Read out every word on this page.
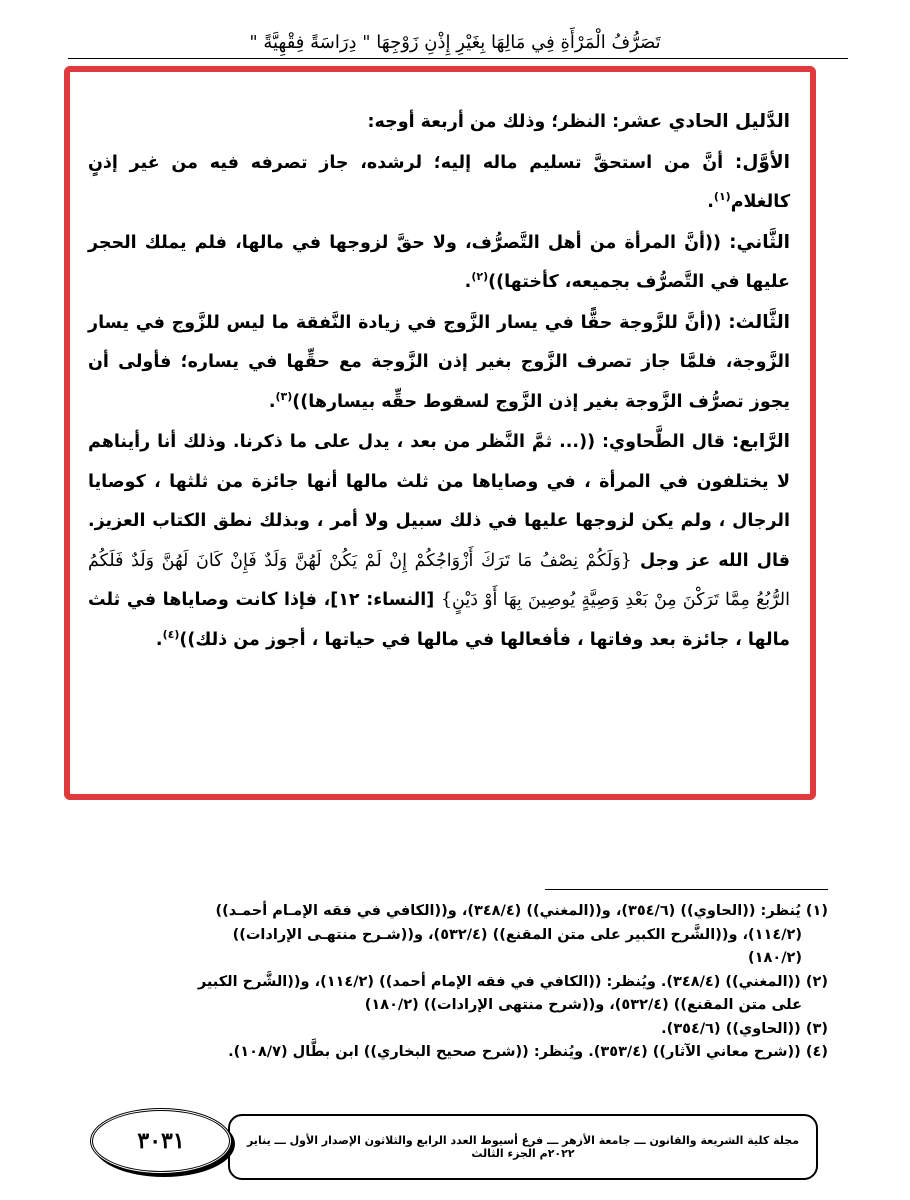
تَصَرُّفُ الْمَرْأَةِ فِي مَالِهَا بِغَيْرِ إِذْنِ زَوْجِهَا " دِرَاسَةً فِقْهِيَّةً "

الدَّليل الحادي عشر: النظر؛ وذلك من أربعة أوجه:

الأوَّل: أنَّ من استحقَّ تسليم ماله إليه؛ لرشده، جاز تصرفه فيه من غير إذنٍ كالغلام$^{(١)}$.

الثَّاني: ((أنَّ المرأة من أهل التَّصرُّف، ولا حقَّ لزوجها في مالها، فلم يملك الحجر عليها في التَّصرُّف بجميعه، كأختها))$^{(٢)}$.

الثَّالث: ((أنَّ للزَّوجة حقًّا في يسار الزَّوج في زيادة النَّفقة ما ليس للزَّوج في يسار الزَّوجة، فلمَّا جاز تصرف الزَّوج بغير إذن الزَّوجة مع حقِّها في يساره؛ فأولى أن يجوز تصرُّف الزَّوجة بغير إذن الزَّوج لسقوط حقِّه بيسارها))$^{(٣)}$.

الرَّابع: قال الطَّحاوي: ((... ثمَّ النَّظر من بعد ، يدل على ما ذكرنا. وذلك أنا رأيناهم لا يختلفون في المرأة ، في وصاياها من ثلث مالها أنها جائزة من ثلثها ، كوصايا الرجال ، ولم يكن لزوجها عليها في ذلك سبيل ولا أمر ، وبذلك نطق الكتاب العزيز. قال الله عز وجل {وَلَكُمْ نِصْفُ مَا تَرَكَ أَزْوَاجُكُمْ إِنْ لَمْ يَكُنْ لَهُنَّ وَلَدٌ فَإِنْ كَانَ لَهُنَّ وَلَدٌ فَلَكُمُ الرُّبُعُ مِمَّا تَرَكْنَ مِنْ بَعْدِ وَصِيَّةٍ يُوصِينَ بِهَا أَوْ دَيْنٍ} [النساء: ١٢]، فإذا كانت وصاياها في ثلث مالها ، جائزة بعد وفاتها ، فأفعالها في مالها في حياتها ، أجوز من ذلك))$^{(٤)}$.

(١) يُنظر: ((الحاوي)) (٣٥٤/٦)، و((المغني)) (٣٤٨/٤)، و((الكافي في فقه الإمـام أحمـد))

(١١٤/٢)، و((الشَّرح الكبير على متن المقنع)) (٥٣٢/٤)، و((شـرح منتهـى الإرادات))

(١٨٠/٢)

(٢) ((المغني)) (٣٤٨/٤). ويُنظر: ((الكافي في فقه الإمام أحمد)) (١١٤/٢)، و((الشَّرح الكبير

على متن المقنع)) (٥٣٢/٤)، و((شرح منتهى الإرادات)) (١٨٠/٢)

(٣) ((الحاوي)) (٣٥٤/٦).

(٤) ((شرح معاني الآثار)) (٣٥٣/٤). ويُنظر: ((شرح صحيح البخاري)) ابن بطَّال (١٠٨/٧).

مجلة كلية الشريعة والقانون ـــ جامعة الأزهر ـــ فرع أسيوط العدد الرابع والثلاثون الإصدار الأول ـــ يناير ٢٠٢٢م الجزء الثالث
٣٠٣١
